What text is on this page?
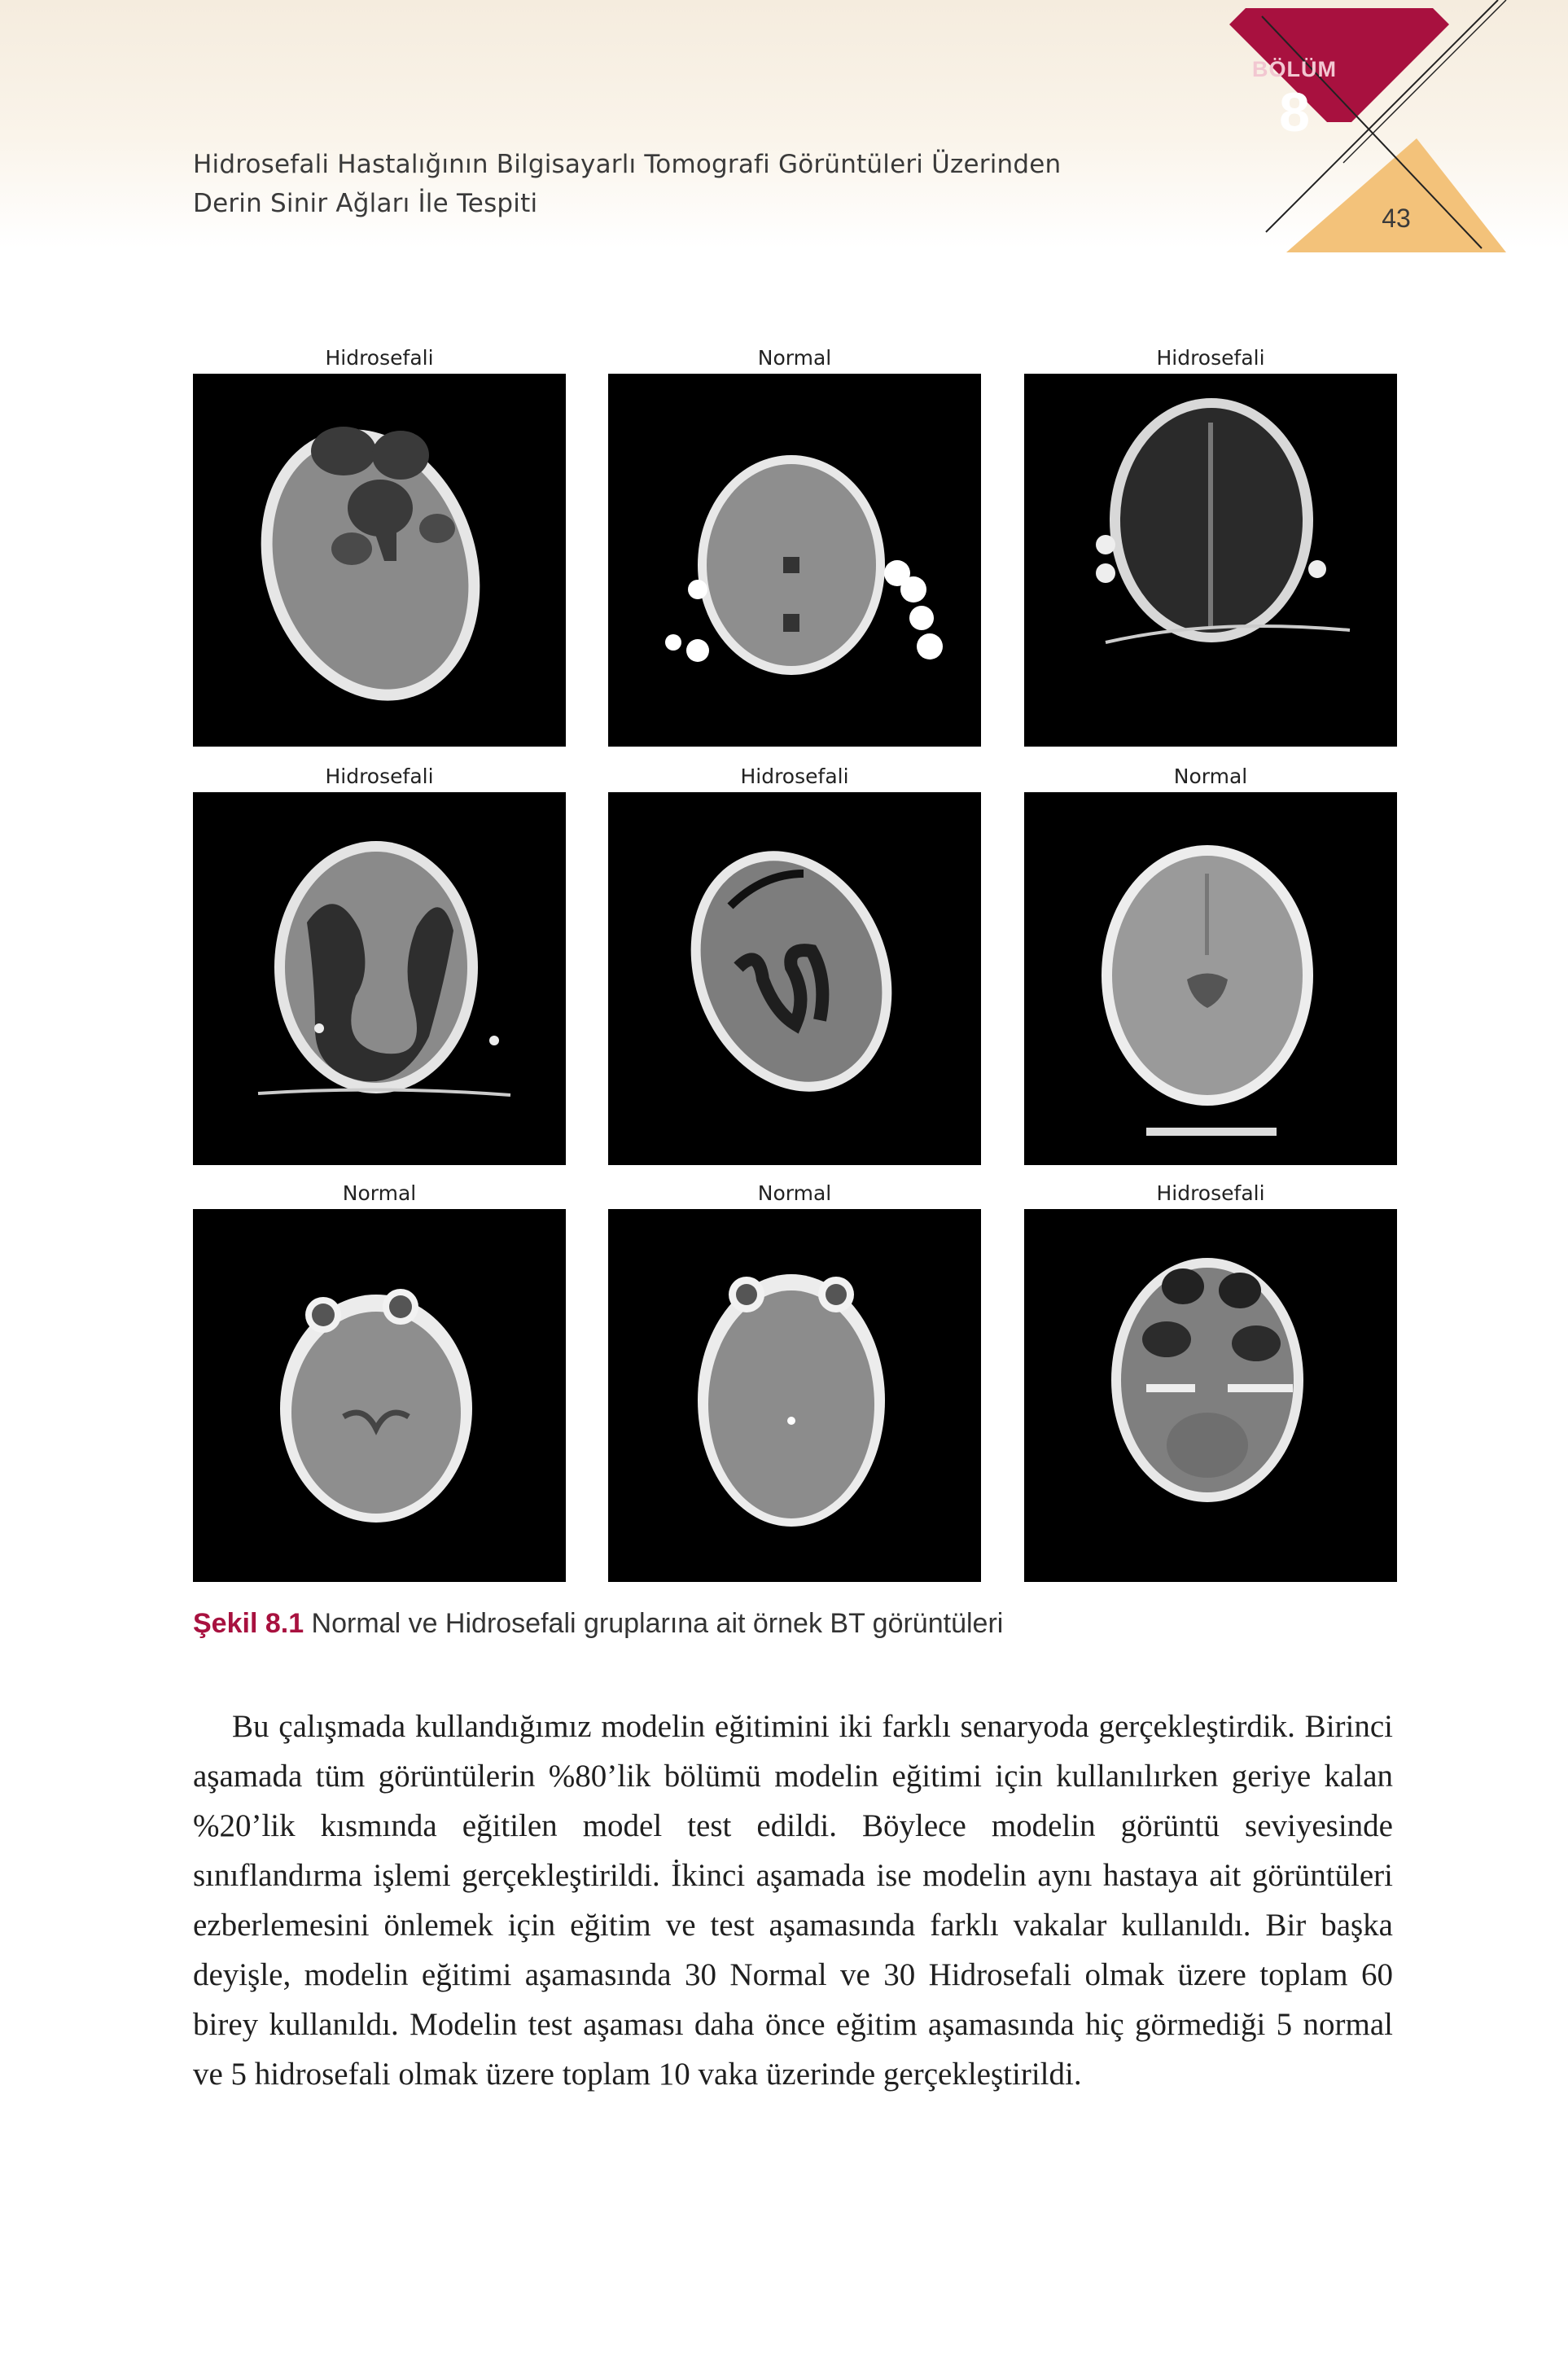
Hidrosefali Hastalığının Bilgisayarlı Tomografi Görüntüleri Üzerinden
Derin Sinir Ağları İle Tespiti
BÖLÜM
8
43
Hidrosefali	Normal	Hidrosefali
Hidrosefali	Hidrosefali	Normal
Normal	Normal	Hidrosefali
Şekil 8.1 Normal ve Hidrosefali gruplarına ait örnek BT görüntüleri

Bu çalışmada kullandığımız modelin eğitimini iki farklı senaryoda gerçekleştirdik. Birinci aşamada tüm görüntülerin %80’lik bölümü modelin eğitimi için kullanılırken geriye kalan %20’lik kısmında eğitilen model test edildi. Böylece modelin görüntü seviyesinde sınıflandırma işlemi gerçekleştirildi. İkinci aşamada ise modelin aynı hastaya ait görüntüleri ezberlemesini önlemek için eğitim ve test aşamasında farklı vakalar kullanıldı. Bir başka deyişle, modelin eğitimi aşamasında 30 Normal ve 30 Hidrosefali olmak üzere toplam 60 birey kullanıldı. Modelin test aşaması daha önce eğitim aşamasında hiç görmediği 5 normal ve 5 hidrosefali olmak üzere toplam 10 vaka üzerinde gerçekleştirildi.
